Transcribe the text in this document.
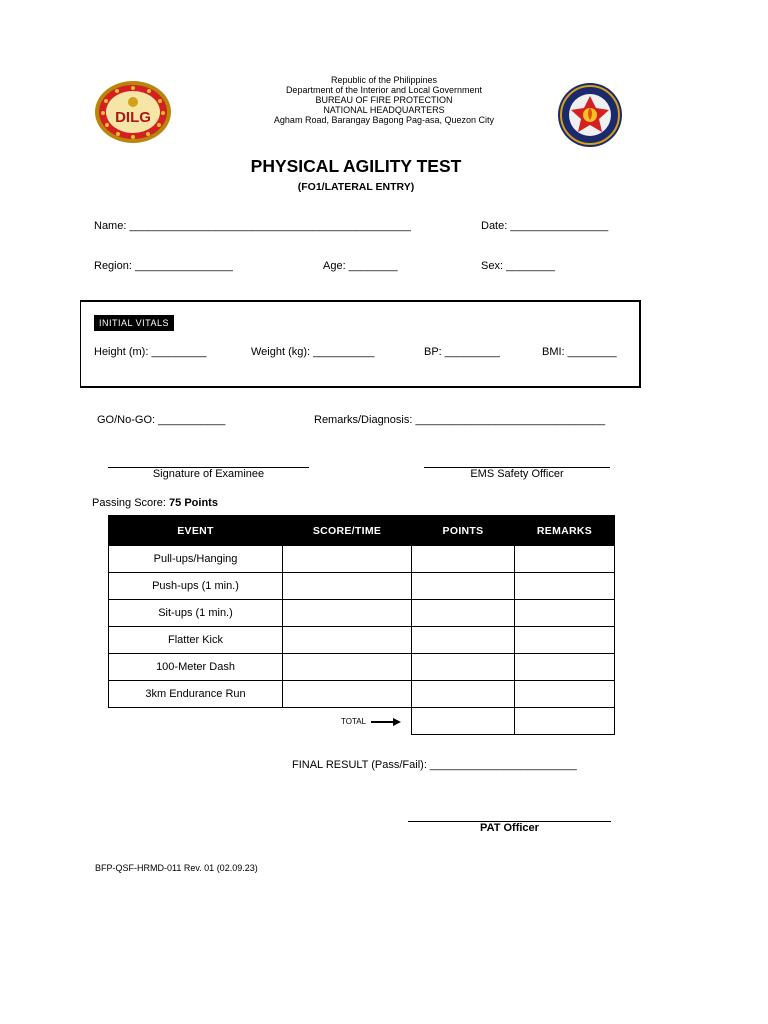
DILG
Republic of the Philippines
Department of the Interior and Local Government
BUREAU OF FIRE PROTECTION
NATIONAL HEADQUARTERS
Agham Road, Barangay Bagong Pag-asa, Quezon City
PHYSICAL AGILITY TEST
(FO1/LATERAL ENTRY)
Name: ______________________________________________	Date: ________________
Region: ________________	Age: ________	Sex: ________
INITIAL VITALS
Height (m): _________	Weight (kg): __________	BP: _________	BMI: ________
GO/No-GO: ___________	Remarks/Diagnosis: _______________________________
Signature of Examinee	EMS Safety Officer
Passing Score: 75 Points
EVENT	SCORE/TIME	POINTS	REMARKS
Pull-ups/Hanging			
Push-ups (1 min.)			
Sit-ups (1 min.)			
Flatter Kick			
100-Meter Dash			
3km Endurance Run			
	TOTAL		
FINAL RESULT (Pass/Fail): ________________________
PAT Officer
BFP-QSF-HRMD-011 Rev. 01 (02.09.23)
